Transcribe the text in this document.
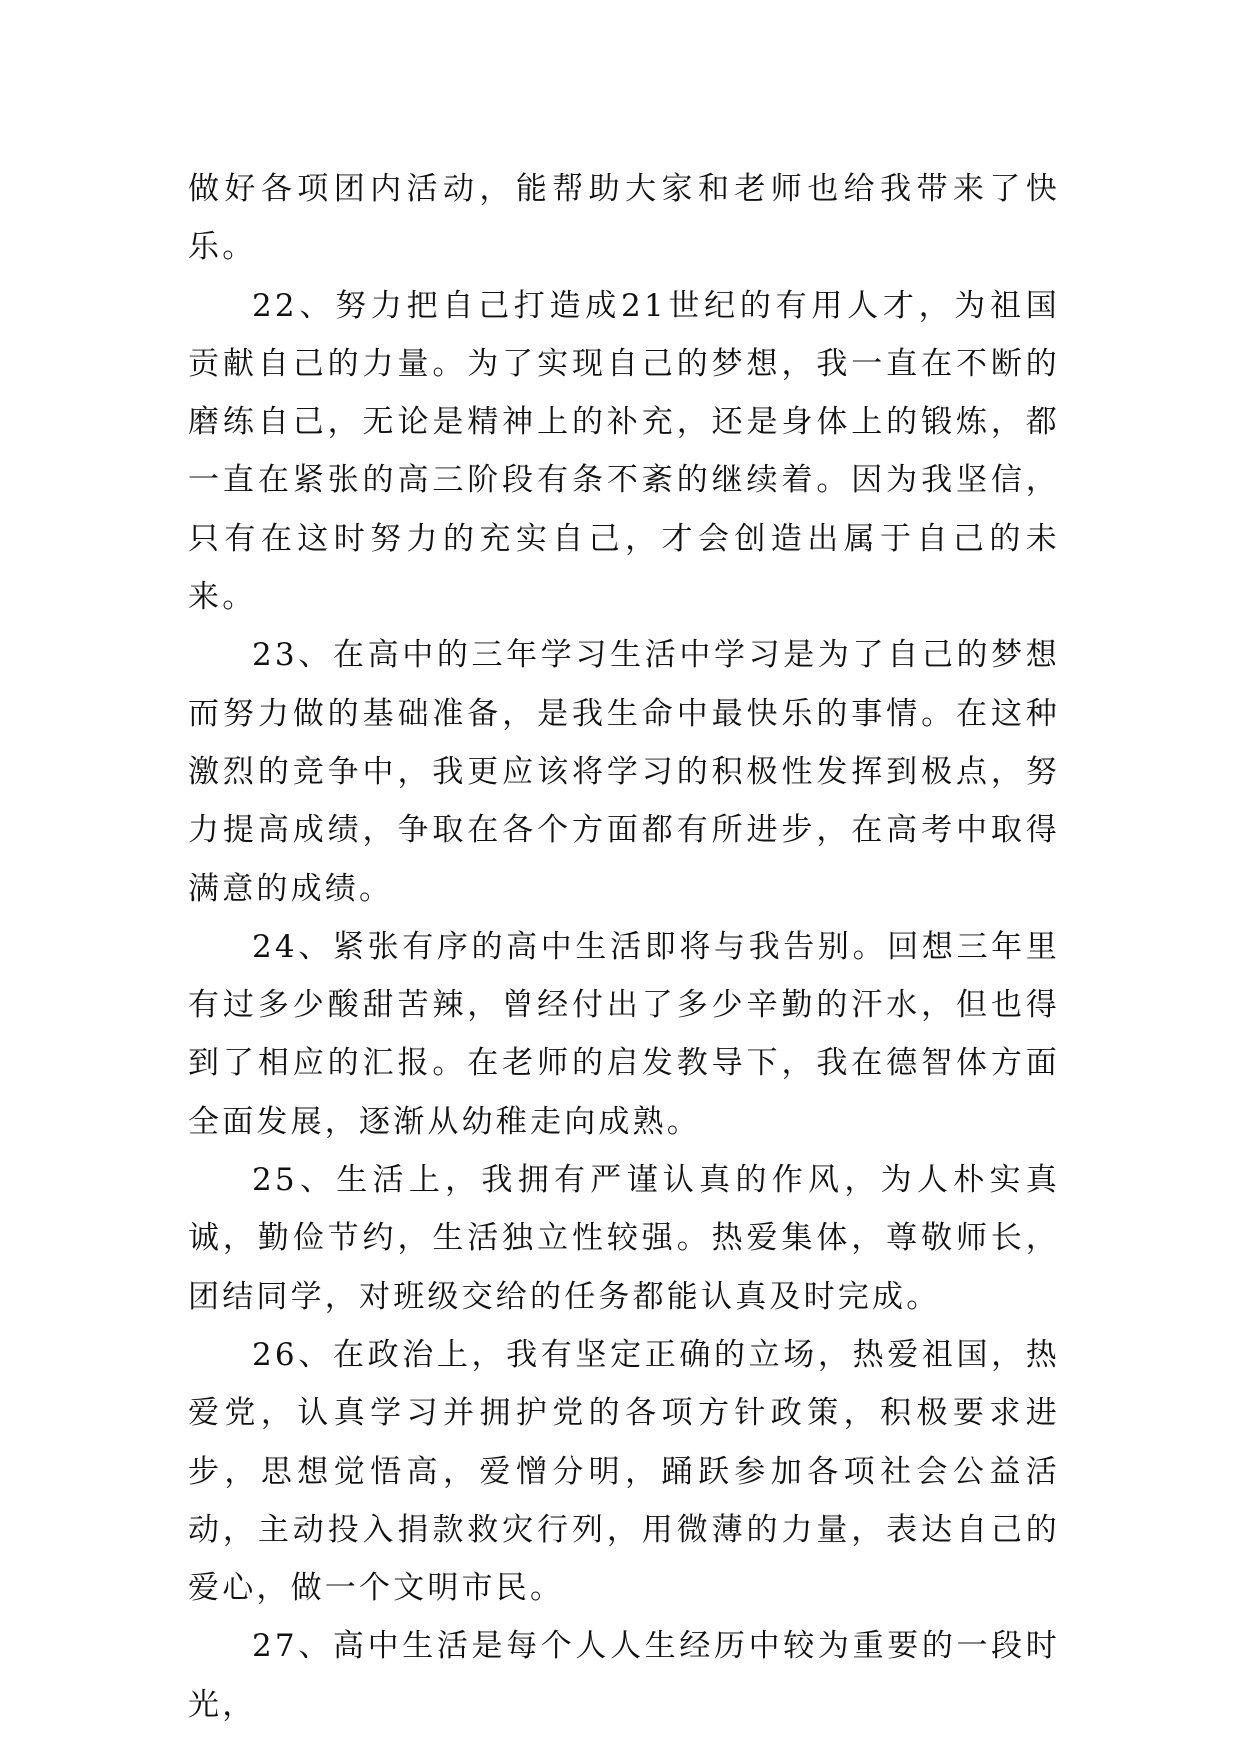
做好各项团内活动，能帮助大家和老师也给我带来了快乐。

22、努力把自己打造成21世纪的有用人才，为祖国贡献自己的力量。为了实现自己的梦想，我一直在不断的磨练自己，无论是精神上的补充，还是身体上的锻炼，都一直在紧张的高三阶段有条不紊的继续着。因为我坚信，只有在这时努力的充实自己，才会创造出属于自己的未来。

23、在高中的三年学习生活中学习是为了自己的梦想而努力做的基础准备，是我生命中最快乐的事情。在这种激烈的竞争中，我更应该将学习的积极性发挥到极点，努力提高成绩，争取在各个方面都有所进步，在高考中取得满意的成绩。

24、紧张有序的高中生活即将与我告别。回想三年里有过多少酸甜苦辣，曾经付出了多少辛勤的汗水，但也得到了相应的汇报。在老师的启发教导下，我在德智体方面全面发展，逐渐从幼稚走向成熟。

25、生活上，我拥有严谨认真的作风，为人朴实真诚，勤俭节约，生活独立性较强。热爱集体，尊敬师长，团结同学，对班级交给的任务都能认真及时完成。

26、在政治上，我有坚定正确的立场，热爱祖国，热爱党，认真学习并拥护党的各项方针政策，积极要求进步，思想觉悟高，爱憎分明，踊跃参加各项社会公益活动，主动投入捐款救灾行列，用微薄的力量，表达自己的爱心，做一个文明市民。

27、高中生活是每个人人生经历中较为重要的一段时光，
